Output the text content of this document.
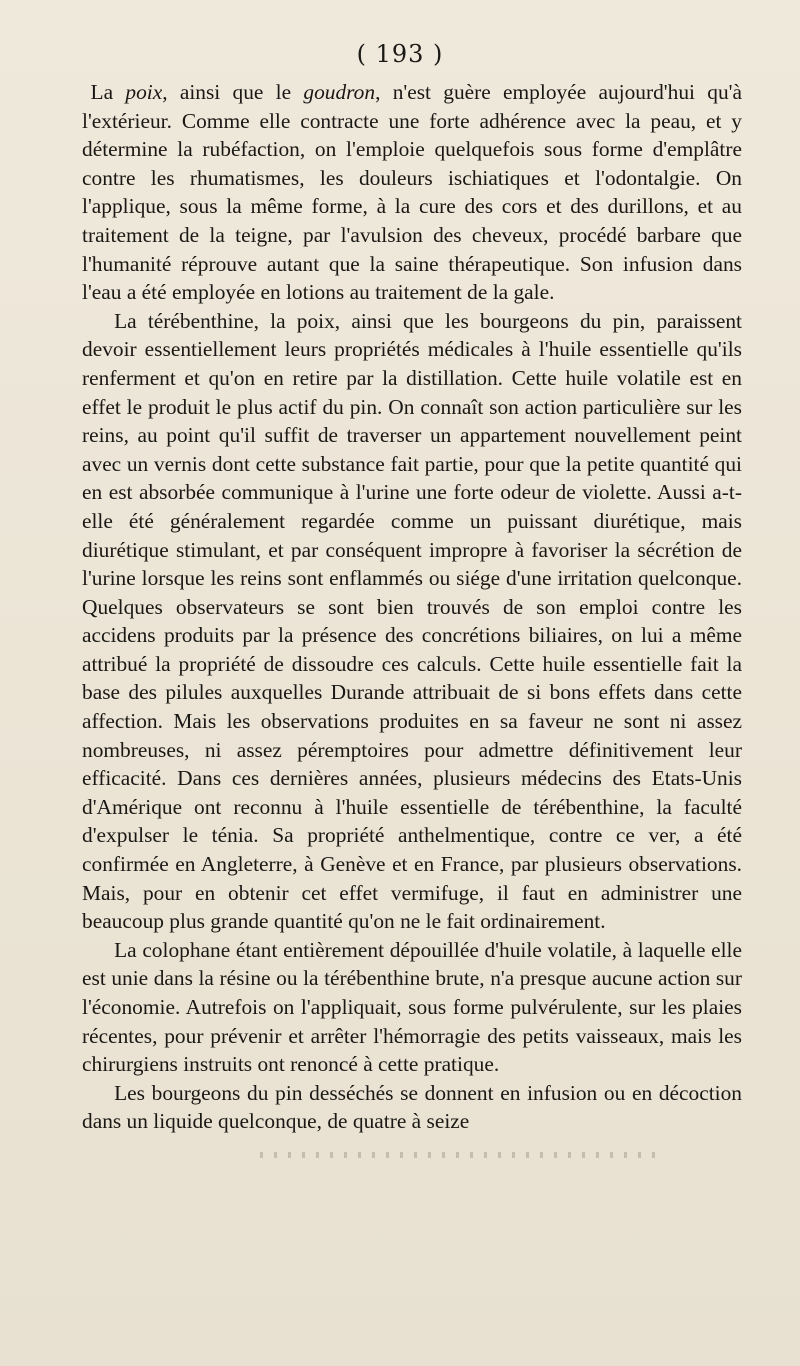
( 193 )

La poix, ainsi que le goudron, n'est guère employée aujourd'hui qu'à l'extérieur. Comme elle contracte une forte adhérence avec la peau, et y détermine la rubéfaction, on l'emploie quelquefois sous forme d'emplâtre contre les rhumatismes, les douleurs ischiatiques et l'odontalgie. On l'applique, sous la même forme, à la cure des cors et des durillons, et au traitement de la teigne, par l'avulsion des cheveux, procédé barbare que l'humanité réprouve autant que la saine thérapeutique. Son infusion dans l'eau a été employée en lotions au traitement de la gale.

La térébenthine, la poix, ainsi que les bourgeons du pin, paraissent devoir essentiellement leurs propriétés médicales à l'huile essentielle qu'ils renferment et qu'on en retire par la distillation. Cette huile volatile est en effet le produit le plus actif du pin. On connaît son action particulière sur les reins, au point qu'il suffit de traverser un appartement nouvellement peint avec un vernis dont cette substance fait partie, pour que la petite quantité qui en est absorbée communique à l'urine une forte odeur de violette. Aussi a-t-elle été généralement regardée comme un puissant diurétique, mais diurétique stimulant, et par conséquent impropre à favoriser la sécrétion de l'urine lorsque les reins sont enflammés ou siége d'une irritation quelconque. Quelques observateurs se sont bien trouvés de son emploi contre les accidens produits par la présence des concrétions biliaires, on lui a même attribué la propriété de dissoudre ces calculs. Cette huile essentielle fait la base des pilules auxquelles Durande attribuait de si bons effets dans cette affection. Mais les observations produites en sa faveur ne sont ni assez nombreuses, ni assez péremptoires pour admettre définitivement leur efficacité. Dans ces dernières années, plusieurs médecins des Etats-Unis d'Amérique ont reconnu à l'huile essentielle de térébenthine, la faculté d'expulser le ténia. Sa propriété anthelmentique, contre ce ver, a été confirmée en Angleterre, à Genève et en France, par plusieurs observations. Mais, pour en obtenir cet effet vermifuge, il faut en administrer une beaucoup plus grande quantité qu'on ne le fait ordinairement.

La colophane étant entièrement dépouillée d'huile volatile, à laquelle elle est unie dans la résine ou la térébenthine brute, n'a presque aucune action sur l'économie. Autrefois on l'appliquait, sous forme pulvérulente, sur les plaies récentes, pour prévenir et arrêter l'hémorragie des petits vaisseaux, mais les chirurgiens instruits ont renoncé à cette pratique.

Les bourgeons du pin desséchés se donnent en infusion ou en décoction dans un liquide quelconque, de quatre à seize
